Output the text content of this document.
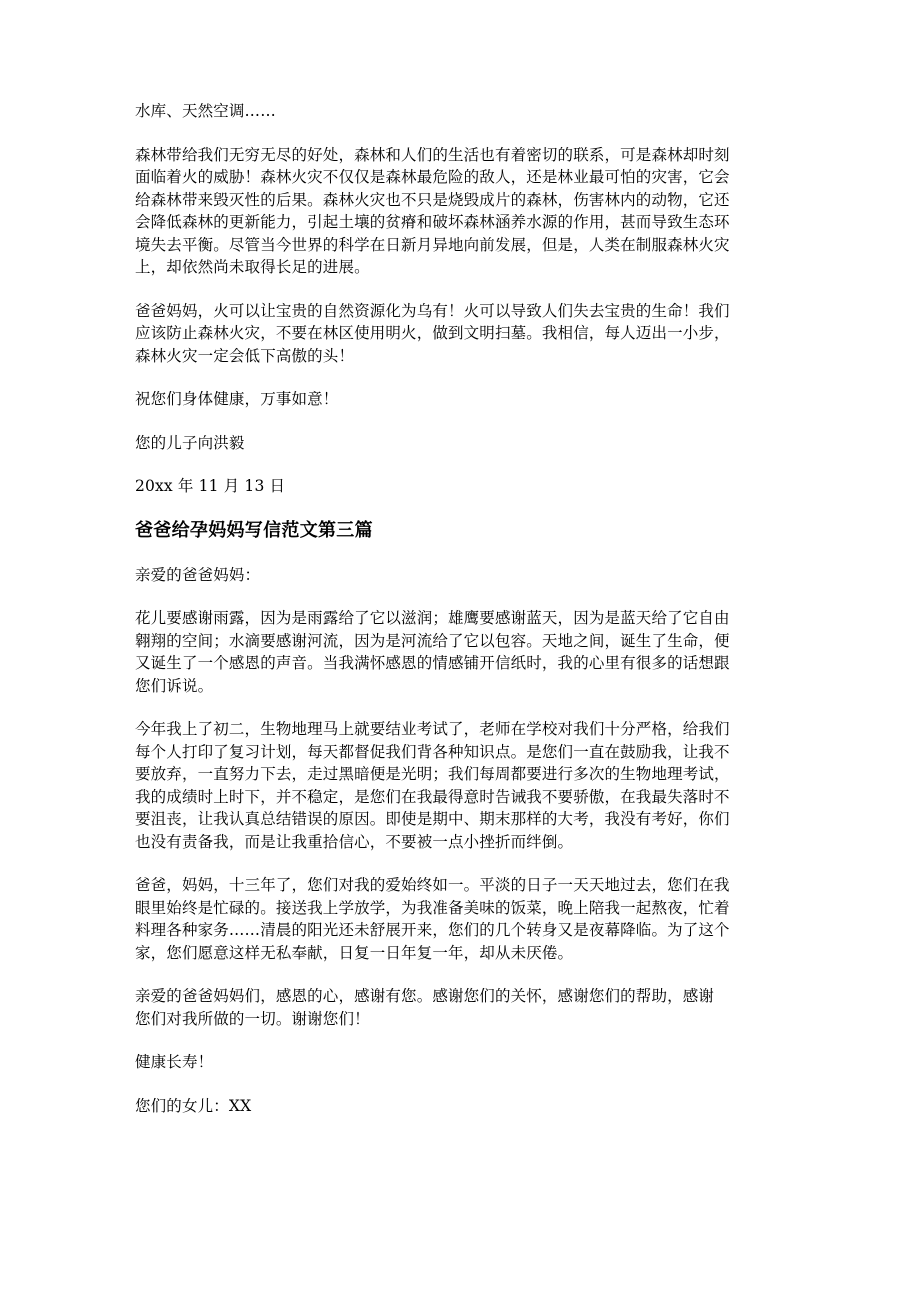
水库、天然空调……

森林带给我们无穷无尽的好处，森林和人们的生活也有着密切的联系，可是森林却时刻
面临着火的威胁！森林火灾不仅仅是森林最危险的敌人，还是林业最可怕的灾害，它会
给森林带来毁灭性的后果。森林火灾也不只是烧毁成片的森林，伤害林内的动物，它还
会降低森林的更新能力，引起土壤的贫瘠和破坏森林涵养水源的作用，甚而导致生态环
境失去平衡。尽管当今世界的科学在日新月异地向前发展，但是，人类在制服森林火灾
上，却依然尚未取得长足的进展。

爸爸妈妈，火可以让宝贵的自然资源化为乌有！火可以导致人们失去宝贵的生命！我们
应该防止森林火灾，不要在林区使用明火，做到文明扫墓。我相信，每人迈出一小步，
森林火灾一定会低下高傲的头！

祝您们身体健康，万事如意！

您的儿子向洪毅

20xx 年 11 月 13 日

爸爸给孕妈妈写信范文第三篇

亲爱的爸爸妈妈：

花儿要感谢雨露，因为是雨露给了它以滋润；雄鹰要感谢蓝天，因为是蓝天给了它自由
翱翔的空间；水滴要感谢河流，因为是河流给了它以包容。天地之间，诞生了生命，便
又诞生了一个感恩的声音。当我满怀感恩的情感铺开信纸时，我的心里有很多的话想跟
您们诉说。

今年我上了初二，生物地理马上就要结业考试了，老师在学校对我们十分严格，给我们
每个人打印了复习计划，每天都督促我们背各种知识点。是您们一直在鼓励我，让我不
要放弃，一直努力下去，走过黑暗便是光明；我们每周都要进行多次的生物地理考试，
我的成绩时上时下，并不稳定，是您们在我最得意时告诫我不要骄傲，在我最失落时不
要沮丧，让我认真总结错误的原因。即使是期中、期末那样的大考，我没有考好，你们
也没有责备我，而是让我重拾信心，不要被一点小挫折而绊倒。

爸爸，妈妈，十三年了，您们对我的爱始终如一。平淡的日子一天天地过去，您们在我
眼里始终是忙碌的。接送我上学放学，为我准备美味的饭菜，晚上陪我一起熬夜，忙着
料理各种家务……清晨的阳光还未舒展开来，您们的几个转身又是夜幕降临。为了这个
家，您们愿意这样无私奉献，日复一日年复一年，却从未厌倦。

亲爱的爸爸妈妈们，感恩的心，感谢有您。感谢您们的关怀，感谢您们的帮助，感谢
您们对我所做的一切。谢谢您们！

健康长寿！

您们的女儿：XX
